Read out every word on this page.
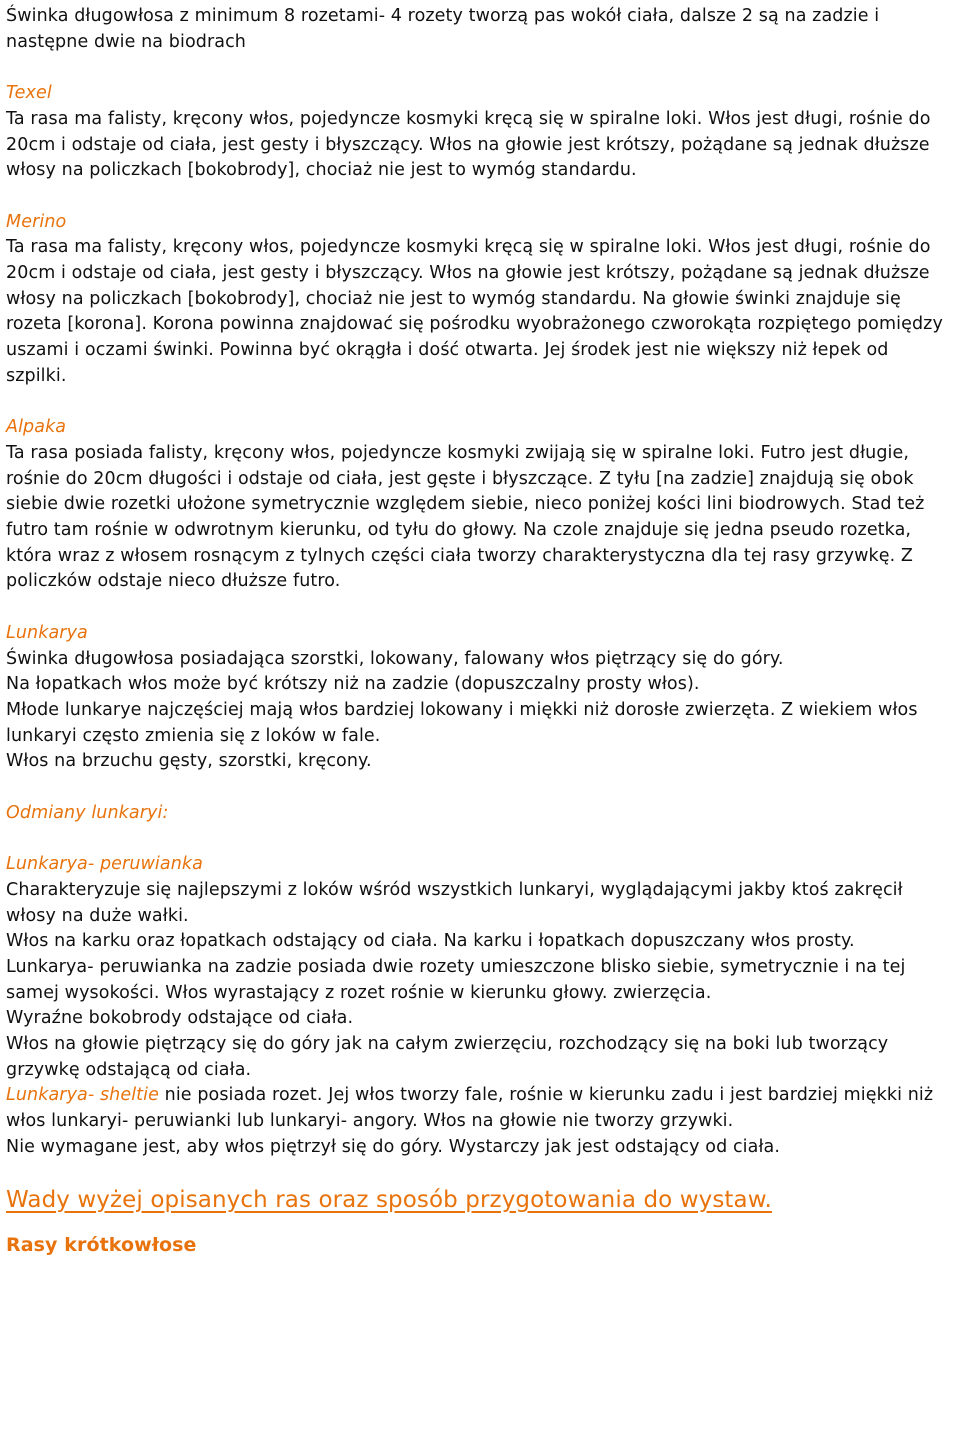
Świnka długowłosa z minimum 8 rozetami- 4 rozety tworzą pas wokół ciała, dalsze 2 są na zadzie i następne dwie na biodrach

Texel

Ta rasa ma falisty, kręcony włos, pojedyncze kosmyki kręcą się w spiralne loki. Włos jest długi, rośnie do 20cm i odstaje od ciała, jest gesty i błyszczący. Włos na głowie jest krótszy, pożądane są jednak dłuższe włosy na policzkach [bokobrody], chociaż nie jest to wymóg standardu.

Merino

Ta rasa ma falisty, kręcony włos, pojedyncze kosmyki kręcą się w spiralne loki. Włos jest długi, rośnie do 20cm i odstaje od ciała, jest gesty i błyszczący. Włos na głowie jest krótszy, pożądane są jednak dłuższe włosy na policzkach [bokobrody], chociaż nie jest to wymóg standardu. Na głowie świnki znajduje się rozeta [korona]. Korona powinna znajdować się pośrodku wyobrażonego czworokąta rozpiętego pomiędzy uszami i oczami świnki. Powinna być okrągła i dość otwarta. Jej środek jest nie większy niż łepek od szpilki.

Alpaka

Ta rasa posiada falisty, kręcony włos, pojedyncze kosmyki zwijają się w spiralne loki. Futro jest długie, rośnie do 20cm długości i odstaje od ciała, jest gęste i błyszczące. Z tyłu [na zadzie] znajdują się obok siebie dwie rozetki ułożone symetrycznie względem siebie, nieco poniżej kości lini biodrowych. Stad też futro tam rośnie w odwrotnym kierunku, od tyłu do głowy. Na czole znajduje się jedna pseudo rozetka, która wraz z włosem rosnącym z tylnych części ciała tworzy charakterystyczna dla tej rasy grzywkę. Z policzków odstaje nieco dłuższe futro.

Lunkarya

Świnka długowłosa posiadająca szorstki, lokowany, falowany włos piętrzący się do góry.

Na łopatkach włos może być krótszy niż na zadzie (dopuszczalny prosty włos).

Młode lunkarye najczęściej mają włos bardziej lokowany i miękki niż dorosłe zwierzęta. Z wiekiem włos lunkaryi często zmienia się z loków w fale.

Włos na brzuchu gęsty, szorstki, kręcony.

Odmiany lunkaryi:
Lunkarya- peruwianka

Charakteryzuje się najlepszymi z loków wśród wszystkich lunkaryi, wyglądającymi jakby ktoś zakręcił włosy na duże wałki.

Włos na karku oraz łopatkach odstający od ciała. Na karku i łopatkach dopuszczany włos prosty.

Lunkarya- peruwianka na zadzie posiada dwie rozety umieszczone blisko siebie, symetrycznie i na tej

samej wysokości. Włos wyrastający z rozet rośnie w kierunku głowy. zwierzęcia.

Wyraźne bokobrody odstające od ciała.

Włos na głowie piętrzący się do góry jak na całym zwierzęciu, rozchodzący się na boki lub tworzący grzywkę odstającą od ciała.

Lunkarya- sheltie nie posiada rozet. Jej włos tworzy fale, rośnie w kierunku zadu i jest bardziej miękki niż włos lunkaryi- peruwianki lub lunkaryi- angory. Włos na głowie nie tworzy grzywki.

Nie wymagane jest, aby włos piętrzył się do góry. Wystarczy jak jest odstający od ciała.

Wady wyżej opisanych ras oraz sposób przygotowania do wystaw.
Rasy krótkowłose
